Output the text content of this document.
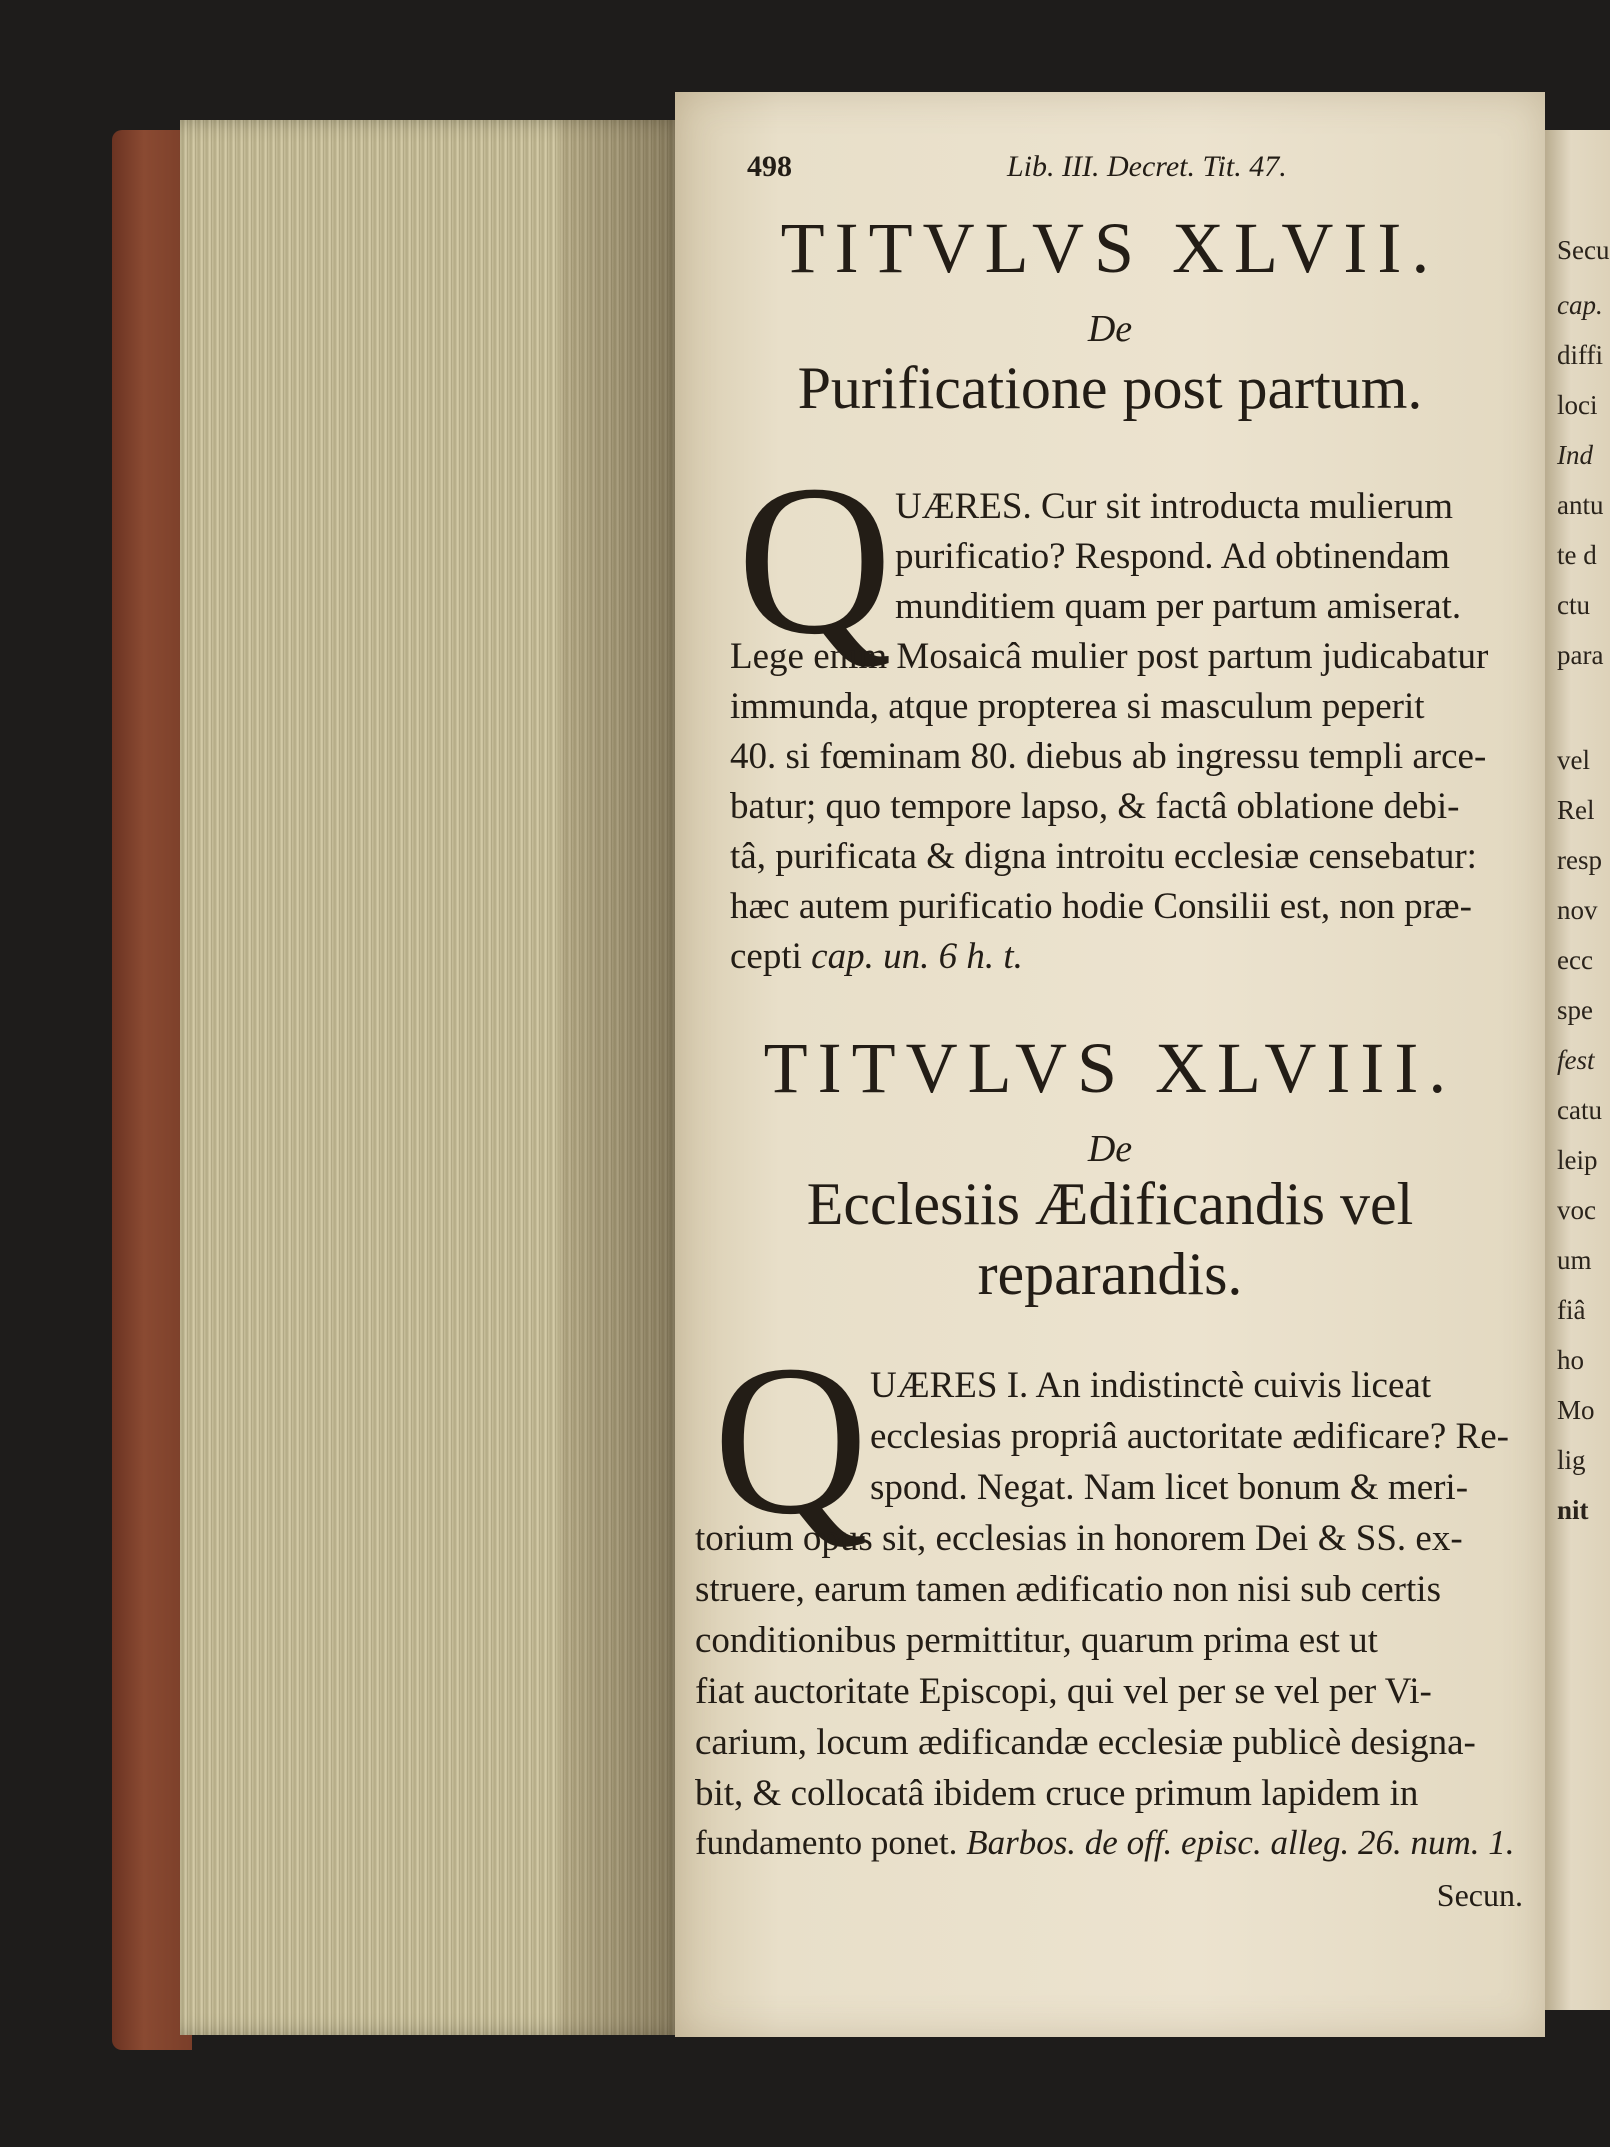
498	Lib. III. Decret. Tit. 47.
TITVLVS XLVII.
De
Purificatione post partum.
Q UÆRES. Cur sit introducta mulierum
purificatio? Respond. Ad obtinendam
munditiem quam per partum amiserat.
Lege enim Mosaicâ mulier post partum judicabatur
immunda, atque propterea si masculum peperit
40. si fœminam 80. diebus ab ingressu templi arce-
batur; quo tempore lapso, & factâ oblatione debi-
tâ, purificata & digna introitu ecclesiæ censebatur:
hæc autem purificatio hodie Consilii est, non præ-
cepti cap. un. 6 h. t.
TITVLVS XLVIII.
De
Ecclesiis Ædificandis vel
reparandis.
Q UÆRES I. An indistinctè cuivis liceat
ecclesias propriâ auctoritate ædificare? Re-
spond. Negat. Nam licet bonum & meri-
torium opus sit, ecclesias in honorem Dei & SS. ex-
struere, earum tamen ædificatio non nisi sub certis
conditionibus permittitur, quarum prima est ut
fiat auctoritate Episcopi, qui vel per se vel per Vi-
carium, locum ædificandæ ecclesiæ publicè designa-
bit, & collocatâ ibidem cruce primum lapidem in
fundamento ponet. Barbos. de off. episc. alleg. 26. num. 1.
Secun.
Secu
cap.
diffi
loci
Ind
antu
te d
ctu
para
vel
Rel
resp
nov
ecc
spe
fest
catu
leip
voc
um
fiâ
ho
Mo
lig
nit
